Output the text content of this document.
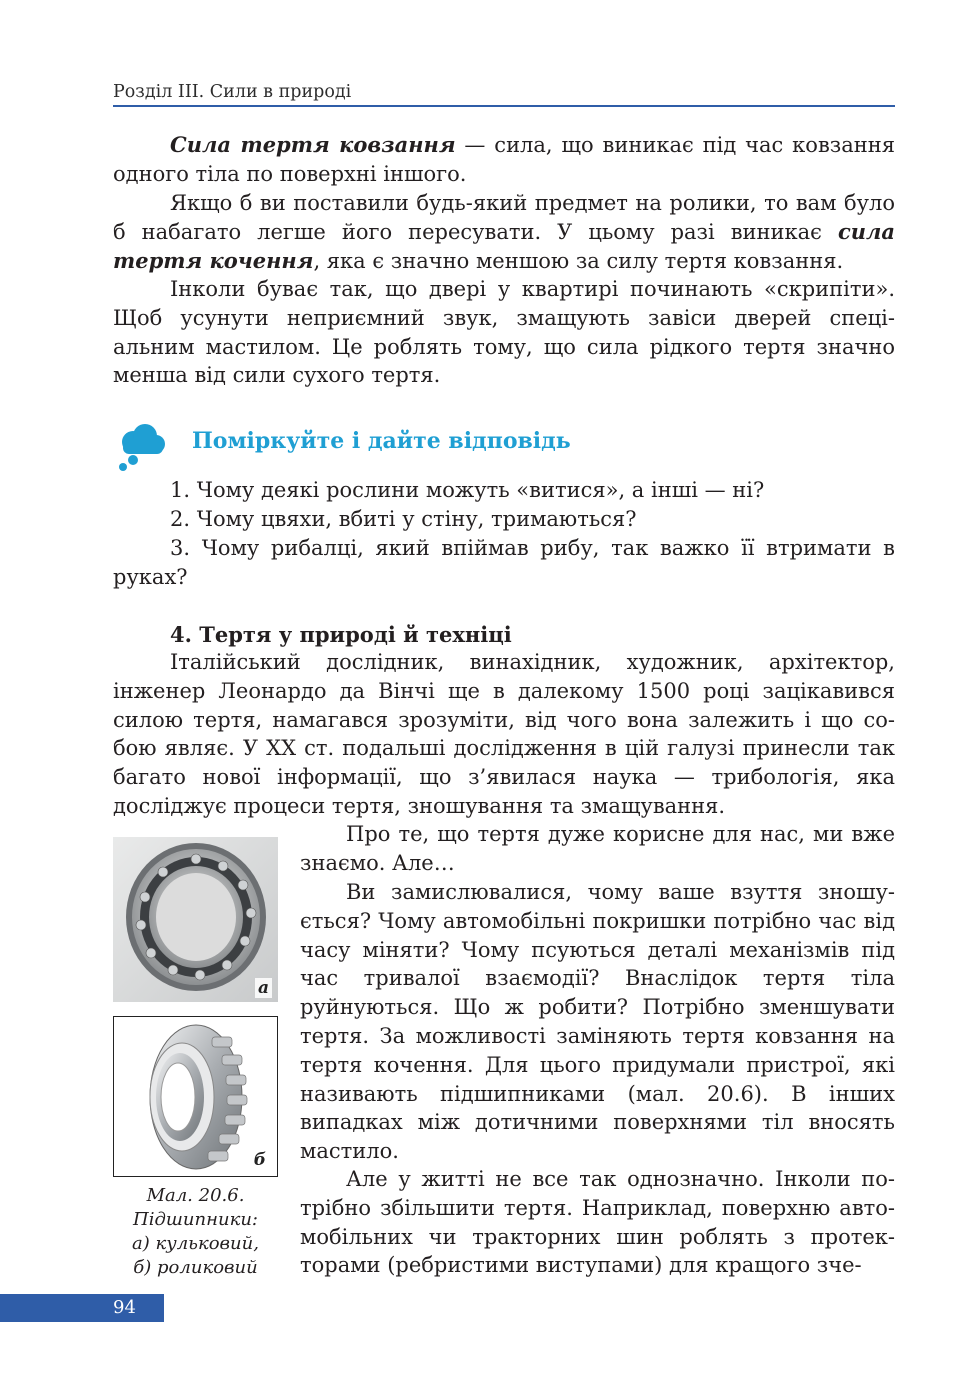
Розділ III. Сили в природі

Сила тертя ковзання — сила, що виникає під час ковзання одного тіла по поверхні іншого.

Якщо б ви поставили будь-який предмет на ролики, то вам було б набагато легше його пересувати. У цьому разі виникає сила тертя кочення, яка є значно меншою за силу тертя ковзання.

Інколи буває так, що двері у квартирі починають «скрипіти». Щоб усунути неприємний звук, змащують завіси дверей спеці-альним мастилом. Це роблять тому, що сила рідкого тертя значно менша від сили сухого тертя.

Поміркуйте і дайте відповідь

1. Чому деякі рослини можуть «витися», а інші — ні?

2. Чому цвяхи, вбиті у стіну, тримаються?

3. Чому рибалці, який впіймав рибу, так важко її втримати в руках?

4. Тертя у природі й техніці

Італійський дослідник, винахідник, художник, архітектор, інженер Леонардо да Вінчі ще в далекому 1500 році зацікавився силою тертя, намагався зрозуміти, від чого вона залежить і що со-бою являє. У ХХ ст. подальші дослідження в цій галузі принесли так багато нової інформації, що з’явилася наука — трибологія, яка досліджує процеси тертя, зношування та змащування.

Про те, що тертя дуже корисне для нас, ми вже знаємо. Але…

Ви замислювалися, чому ваше взуття зношу-ється? Чому автомобільні покришки потрібно час від часу міняти? Чому псуються деталі механізмів під час тривалої взаємодії? Внаслідок тертя тіла руйнуються. Що ж робити? Потрібно зменшувати тертя. За можливості заміняють тертя ковзання на тертя кочення. Для цього придумали пристрої, які називають підшипниками (мал. 20.6). В інших випадках між дотичними поверхнями тіл вносять мастило.

Але у житті не все так однозначно. Інколи по-трібно збільшити тертя. Наприклад, поверхню авто-мобільних чи тракторних шин роблять з протек-торами (ребристими виступами) для кращого зче-

а
б
Мал. 20.6.
Підшипники:
а) кульковий,
б) роликовий
94
